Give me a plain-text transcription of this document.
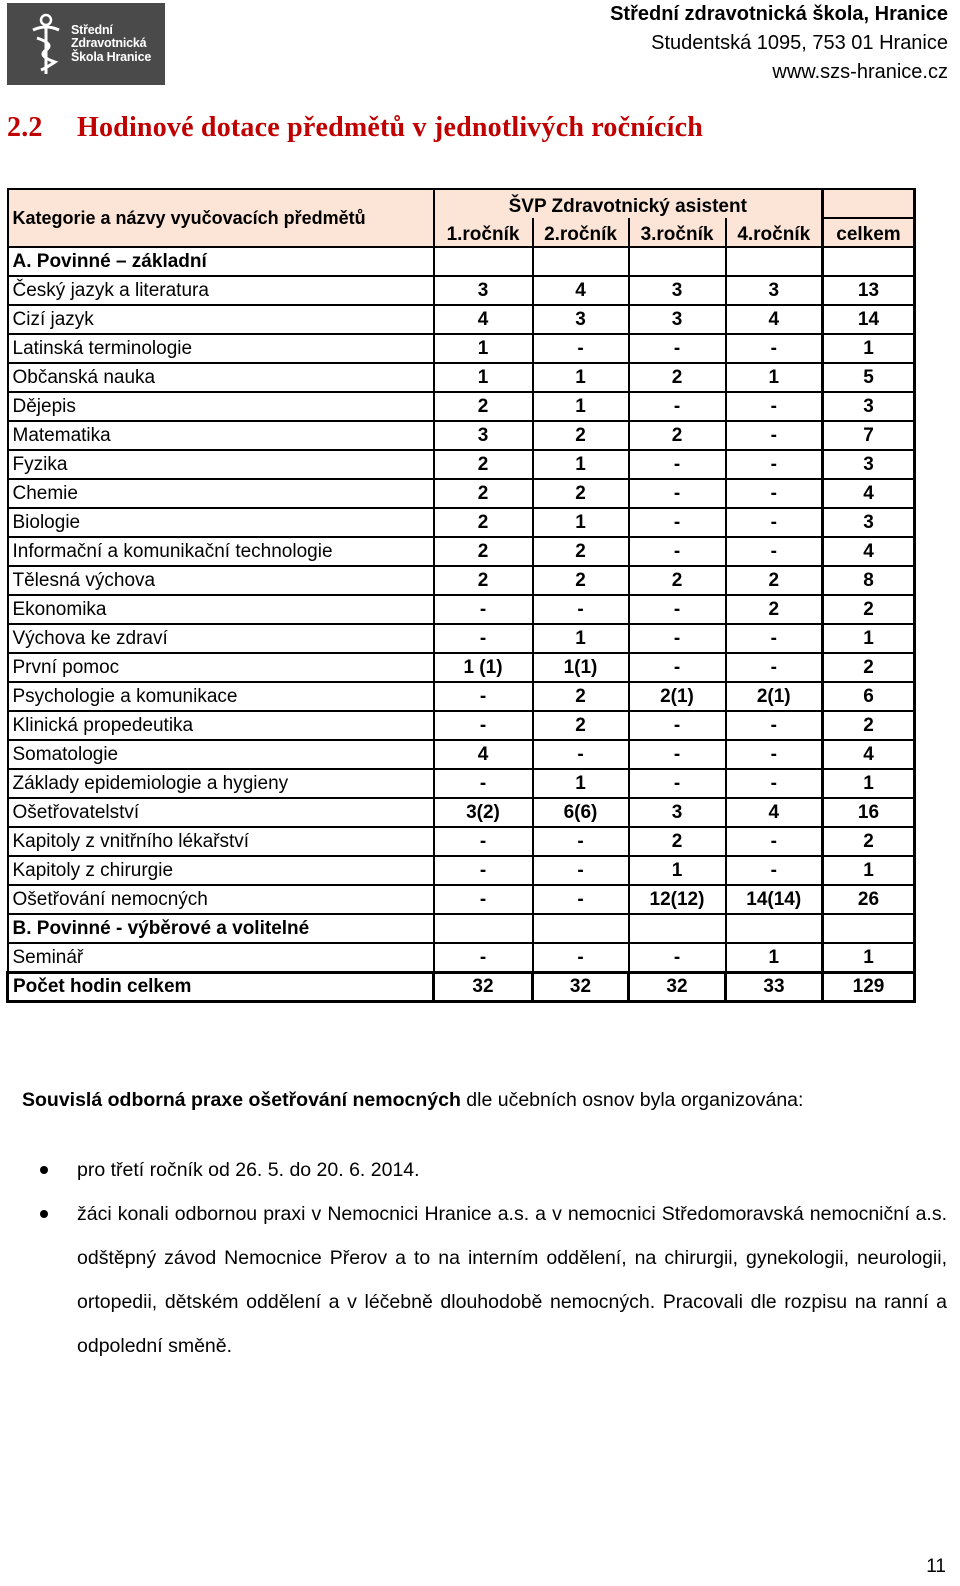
Střední
Zdravotnická
Škola Hranice
Střední zdravotnická škola, Hranice
Studentská 1095, 753 01 Hranice
www.szs-hranice.cz
2.2 Hodinové dotace předmětů v jednotlivých ročnících
Kategorie a názvy vyučovacích předmětů	ŠVP Zdravotnický asistent				
	1.ročník	2.ročník	3.ročník	4.ročník	celkem
A. Povinné – základní					
Český jazyk a literatura	3	4	3	3	13
Cizí jazyk	4	3	3	4	14
Latinská terminologie	1	-	-	-	1
Občanská nauka	1	1	2	1	5
Dějepis	2	1	-	-	3
Matematika	3	2	2	-	7
Fyzika	2	1	-	-	3
Chemie	2	2	-	-	4
Biologie	2	1	-	-	3
Informační a komunikační technologie	2	2	-	-	4
Tělesná výchova	2	2	2	2	8
Ekonomika	-	-	-	2	2
Výchova ke zdraví	-	1	-	-	1
První pomoc	1 (1)	1(1)	-	-	2
Psychologie a komunikace	-	2	2(1)	2(1)	6
Klinická propedeutika	-	2	-	-	2
Somatologie	4	-	-	-	4
Základy epidemiologie a hygieny	-	1	-	-	1
Ošetřovatelství	3(2)	6(6)	3	4	16
Kapitoly z vnitřního lékařství	-	-	2	-	2
Kapitoly z chirurgie	-	-	1	-	1
Ošetřování nemocných	-	-	12(12)	14(14)	26
B. Povinné - výběrové a volitelné					
Seminář	-	-	-	1	1
Počet hodin celkem	32	32	32	33	129

Souvislá odborná praxe ošetřování nemocných dle učebních osnov byla organizována:

pro třetí ročník od 26. 5. do 20. 6. 2014.
žáci konali odbornou praxi v Nemocnici Hranice a.s. a v nemocnici Středomoravská nemocniční a.s. odštěpný závod Nemocnice Přerov a to na interním oddělení, na chirurgii, gynekologii, neurologii, ortopedii, dětském oddělení a v léčebně dlouhodobě nemocných. Pracovali dle rozpisu na ranní a odpolední směně.
11
